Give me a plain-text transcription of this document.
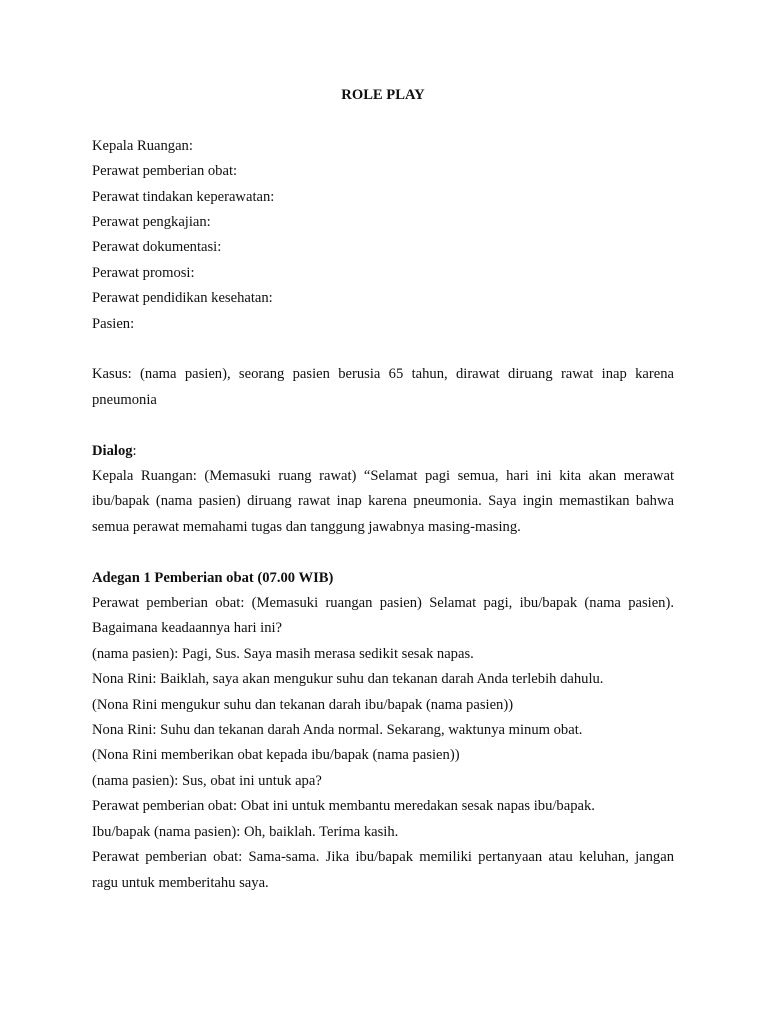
ROLE PLAY

Kepala Ruangan:

Perawat pemberian obat:

Perawat tindakan keperawatan:

Perawat pengkajian:

Perawat dokumentasi:

Perawat promosi:

Perawat pendidikan kesehatan:

Pasien:

Kasus: (nama pasien), seorang pasien berusia 65 tahun, dirawat diruang rawat inap karena pneumonia

Dialog:

Kepala Ruangan: (Memasuki ruang rawat) “Selamat pagi semua, hari ini kita akan merawat ibu/bapak (nama pasien) diruang rawat inap karena pneumonia. Saya ingin memastikan bahwa semua perawat memahami tugas dan tanggung jawabnya masing-masing.

Adegan 1 Pemberian obat (07.00 WIB)

Perawat pemberian obat: (Memasuki ruangan pasien) Selamat pagi, ibu/bapak (nama pasien). Bagaimana keadaannya hari ini?

(nama pasien): Pagi, Sus. Saya masih merasa sedikit sesak napas.

Nona Rini: Baiklah, saya akan mengukur suhu dan tekanan darah Anda terlebih dahulu.

(Nona Rini mengukur suhu dan tekanan darah ibu/bapak (nama pasien))

Nona Rini: Suhu dan tekanan darah Anda normal. Sekarang, waktunya minum obat.

(Nona Rini memberikan obat kepada ibu/bapak (nama pasien))

(nama pasien): Sus, obat ini untuk apa?

Perawat pemberian obat: Obat ini untuk membantu meredakan sesak napas ibu/bapak.

Ibu/bapak (nama pasien): Oh, baiklah. Terima kasih.

Perawat pemberian obat: Sama-sama. Jika ibu/bapak memiliki pertanyaan atau keluhan, jangan ragu untuk memberitahu saya.
